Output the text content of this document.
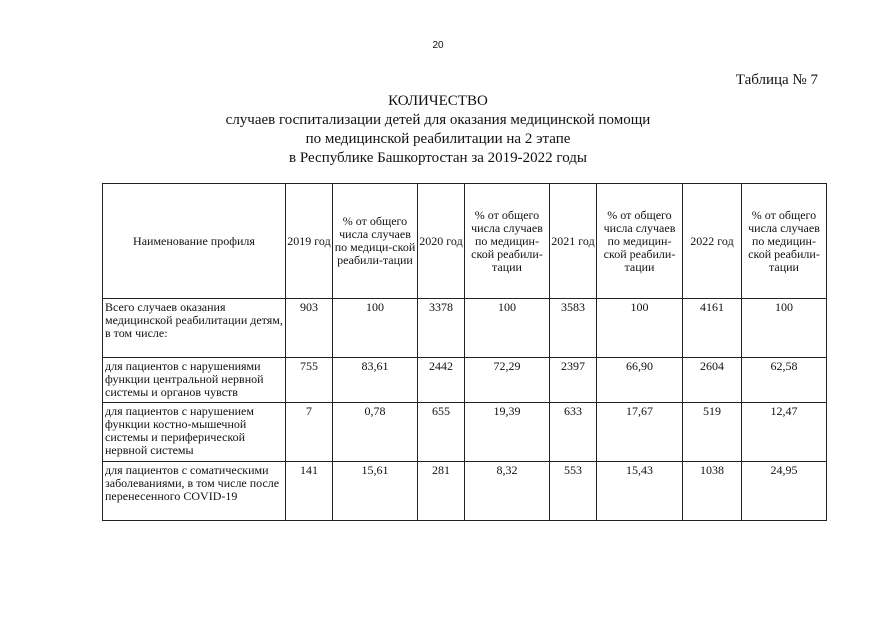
20
Таблица № 7
КОЛИЧЕСТВО
случаев госпитализации детей для оказания медицинской помощи
по медицинской реабилитации на 2 этапе
в Республике Башкортостан за 2019-2022 годы
Наименование профиля	2019 год	% от общего числа случаев по медици-ской реабили-тации	2020 год	% от общего числа случаев по медицин-ской реабили-тации	2021 год	% от общего числа случаев по медицин-ской реабили-тации	2022 год	% от общего числа случаев по медицин-ской реабили-тации
Всего случаев оказания медицинской реабилитации детям, в том числе:	903	100	3378	100	3583	100	4161	100
для пациентов с нарушениями функции центральной нервной системы и органов чувств	755	83,61	2442	72,29	2397	66,90	2604	62,58
для пациентов с нарушением функции костно-мышечной системы и периферической нервной системы	7	0,78	655	19,39	633	17,67	519	12,47
для пациентов с соматическими заболеваниями, в том числе после перенесенного COVID-19	141	15,61	281	8,32	553	15,43	1038	24,95
